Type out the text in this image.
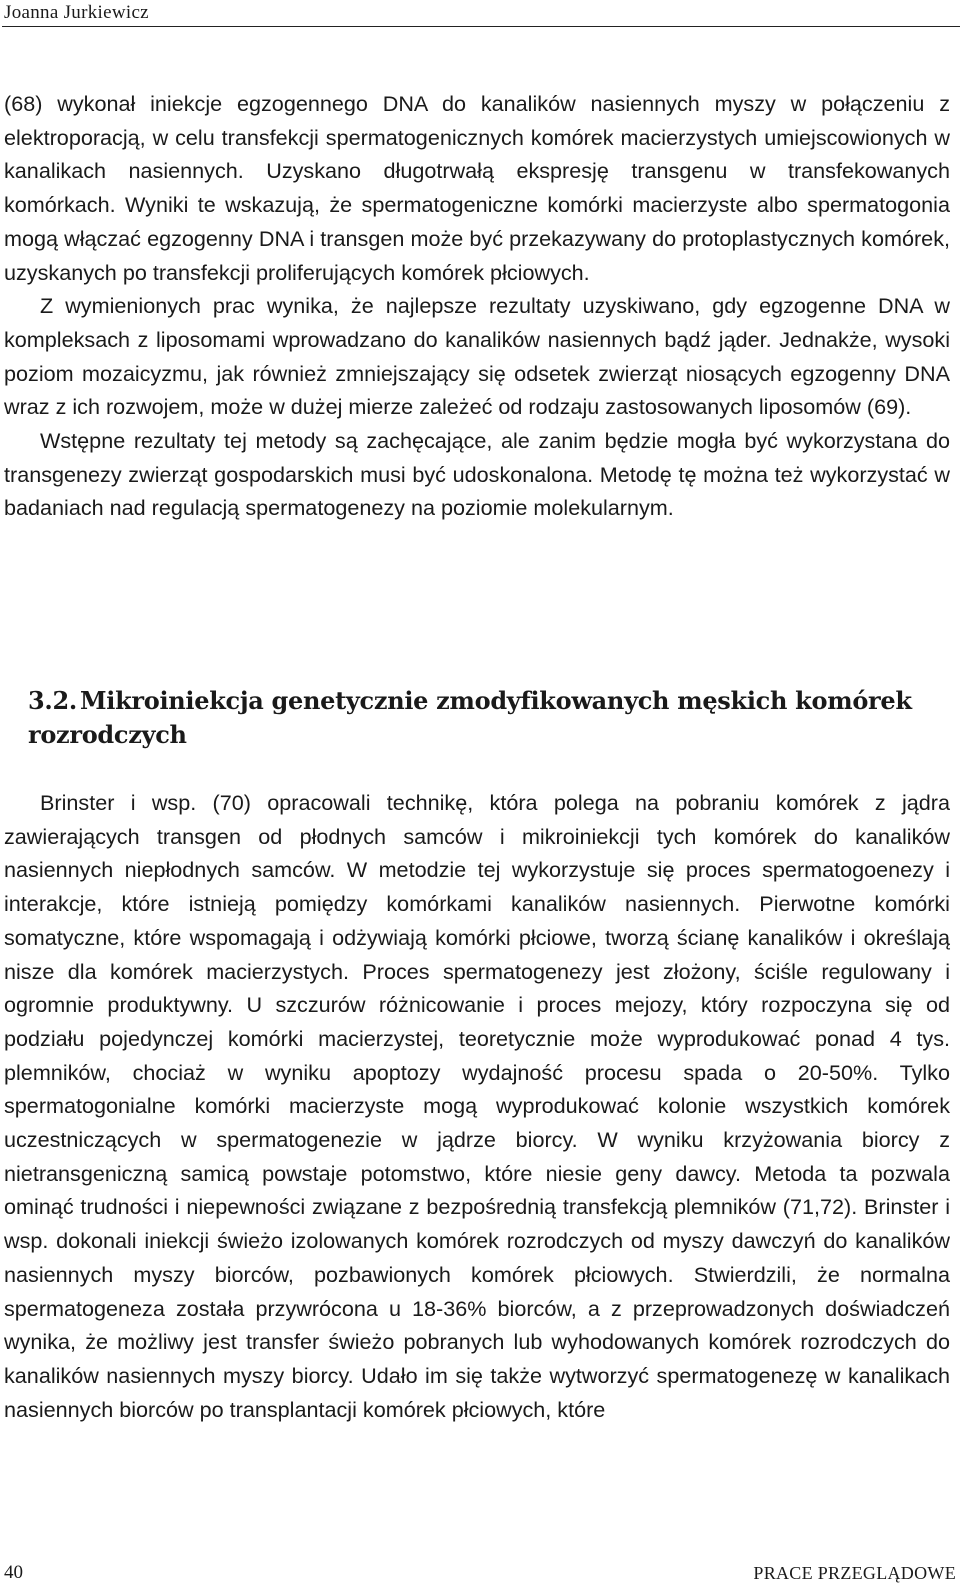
Joanna Jurkiewicz

(68) wykonał iniekcje egzogennego DNA do kanalików nasiennych myszy w połączeniu z elektroporacją, w celu transfekcji spermatogenicznych komórek macierzystych umiejscowionych w kanalikach nasiennych. Uzyskano długotrwałą ekspresję transgenu w transfekowanych komórkach. Wyniki te wskazują, że spermatogeniczne komórki macierzyste albo spermatogonia mogą włączać egzogenny DNA i transgen może być przekazywany do protoplastycznych komórek, uzyskanych po transfekcji proliferujących komórek płciowych.

Z wymienionych prac wynika, że najlepsze rezultaty uzyskiwano, gdy egzogenne DNA w kompleksach z liposomami wprowadzano do kanalików nasiennych bądź jąder. Jednakże, wysoki poziom mozaicyzmu, jak również zmniejszający się odsetek zwierząt niosących egzogenny DNA wraz z ich rozwojem, może w dużej mierze zależeć od rodzaju zastosowanych liposomów (69).

Wstępne rezultaty tej metody są zachęcające, ale zanim będzie mogła być wykorzystana do transgenezy zwierząt gospodarskich musi być udoskonalona. Metodę tę można też wykorzystać w badaniach nad regulacją spermatogenezy na poziomie molekularnym.

3.2. Mikroiniekcja genetycznie zmodyfikowanych męskich komórek rozrodczych

Brinster i wsp. (70) opracowali technikę, która polega na pobraniu komórek z jądra zawierających transgen od płodnych samców i mikroiniekcji tych komórek do kanalików nasiennych niepłodnych samców. W metodzie tej wykorzystuje się proces spermatogoenezy i interakcje, które istnieją pomiędzy komórkami kanalików nasiennych. Pierwotne komórki somatyczne, które wspomagają i odżywiają komórki płciowe, tworzą ścianę kanalików i określają nisze dla komórek macierzystych. Proces spermatogenezy jest złożony, ściśle regulowany i ogromnie produktywny. U szczurów różnicowanie i proces mejozy, który rozpoczyna się od podziału pojedynczej komórki macierzystej, teoretycznie może wyprodukować ponad 4 tys. plemników, chociaż w wyniku apoptozy wydajność procesu spada o 20-50%. Tylko spermatogonialne komórki macierzyste mogą wyprodukować kolonie wszystkich komórek uczestniczących w spermatogenezie w jądrze biorcy. W wyniku krzyżowania biorcy z nietransgeniczną samicą powstaje potomstwo, które niesie geny dawcy. Metoda ta pozwala ominąć trudności i niepewności związane z bezpośrednią transfekcją plemników (71,72). Brinster i wsp. dokonali iniekcji świeżo izolowanych komórek rozrodczych od myszy dawczyń do kanalików nasiennych myszy biorców, pozbawionych komórek płciowych. Stwierdzili, że normalna spermatogeneza została przywrócona u 18-36% biorców, a z przeprowadzonych doświadczeń wynika, że możliwy jest transfer świeżo pobranych lub wyhodowanych komórek rozrodczych do kanalików nasiennych myszy biorcy. Udało im się także wytworzyć spermatogenezę w kanalikach nasiennych biorców po transplantacji komórek płciowych, które

40	PRACE PRZEGLĄDOWE
